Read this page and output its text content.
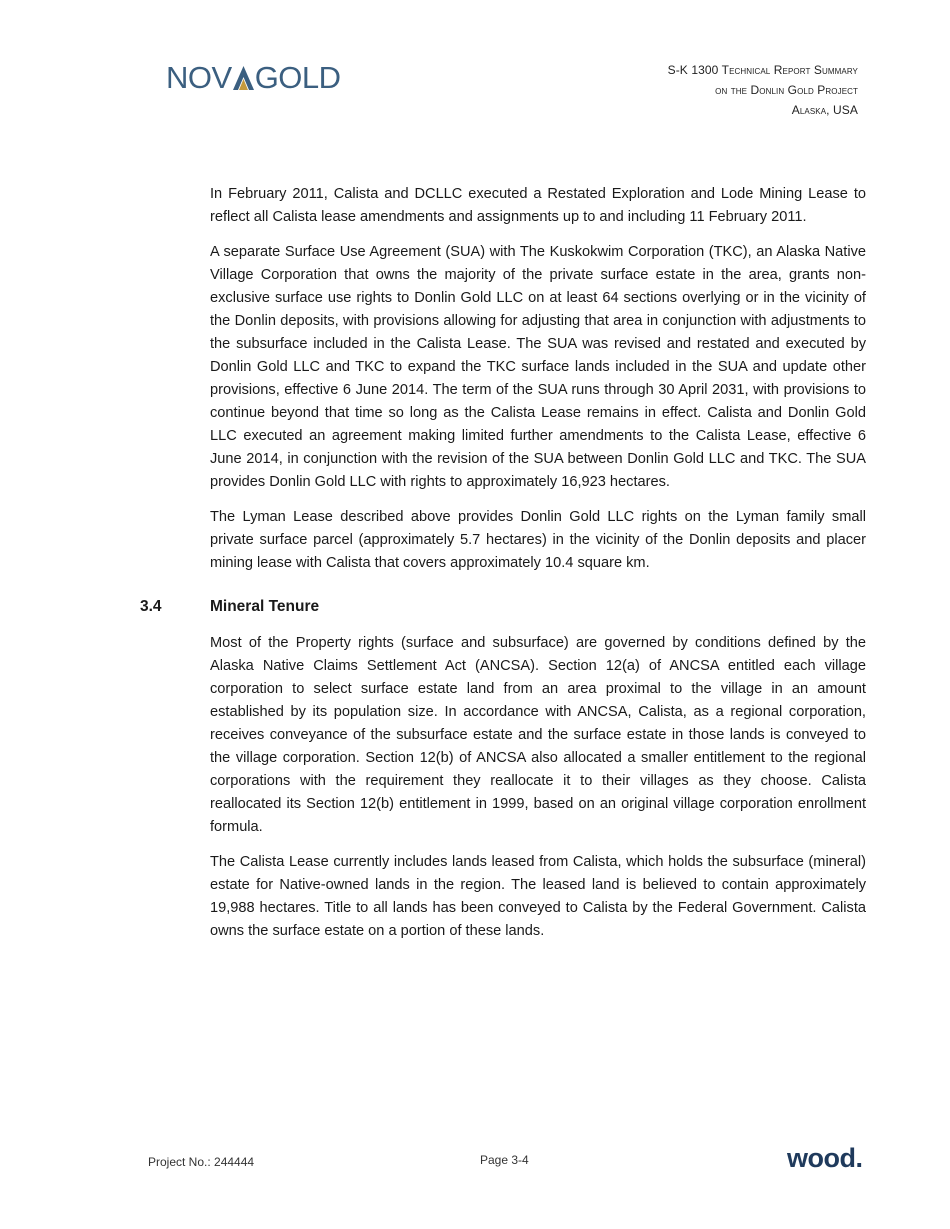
NOV GOLD	S-K 1300 Technical Report Summary
on the Donlin Gold Project
Alaska, USA

In February 2011, Calista and DCLLC executed a Restated Exploration and Lode Mining Lease to reflect all Calista lease amendments and assignments up to and including 11 February 2011.

A separate Surface Use Agreement (SUA) with The Kuskokwim Corporation (TKC), an Alaska Native Village Corporation that owns the majority of the private surface estate in the area, grants non-exclusive surface use rights to Donlin Gold LLC on at least 64 sections overlying or in the vicinity of the Donlin deposits, with provisions allowing for adjusting that area in conjunction with adjustments to the subsurface included in the Calista Lease. The SUA was revised and restated and executed by Donlin Gold LLC and TKC to expand the TKC surface lands included in the SUA and update other provisions, effective 6 June 2014. The term of the SUA runs through 30 April 2031, with provisions to continue beyond that time so long as the Calista Lease remains in effect. Calista and Donlin Gold LLC executed an agreement making limited further amendments to the Calista Lease, effective 6 June 2014, in conjunction with the revision of the SUA between Donlin Gold LLC and TKC. The SUA provides Donlin Gold LLC with rights to approximately 16,923 hectares.

The Lyman Lease described above provides Donlin Gold LLC rights on the Lyman family small private surface parcel (approximately 5.7 hectares) in the vicinity of the Donlin deposits and placer mining lease with Calista that covers approximately 10.4 square km.

3.4	Mineral Tenure

Most of the Property rights (surface and subsurface) are governed by conditions defined by the Alaska Native Claims Settlement Act (ANCSA). Section 12(a) of ANCSA entitled each village corporation to select surface estate land from an area proximal to the village in an amount established by its population size. In accordance with ANCSA, Calista, as a regional corporation, receives conveyance of the subsurface estate and the surface estate in those lands is conveyed to the village corporation. Section 12(b) of ANCSA also allocated a smaller entitlement to the regional corporations with the requirement they reallocate it to their villages as they choose. Calista reallocated its Section 12(b) entitlement in 1999, based on an original village corporation enrollment formula.

The Calista Lease currently includes lands leased from Calista, which holds the subsurface (mineral) estate for Native-owned lands in the region. The leased land is believed to contain approximately 19,988 hectares. Title to all lands has been conveyed to Calista by the Federal Government. Calista owns the surface estate on a portion of these lands.

Project No.: 244444	Page 3-4	wood.
